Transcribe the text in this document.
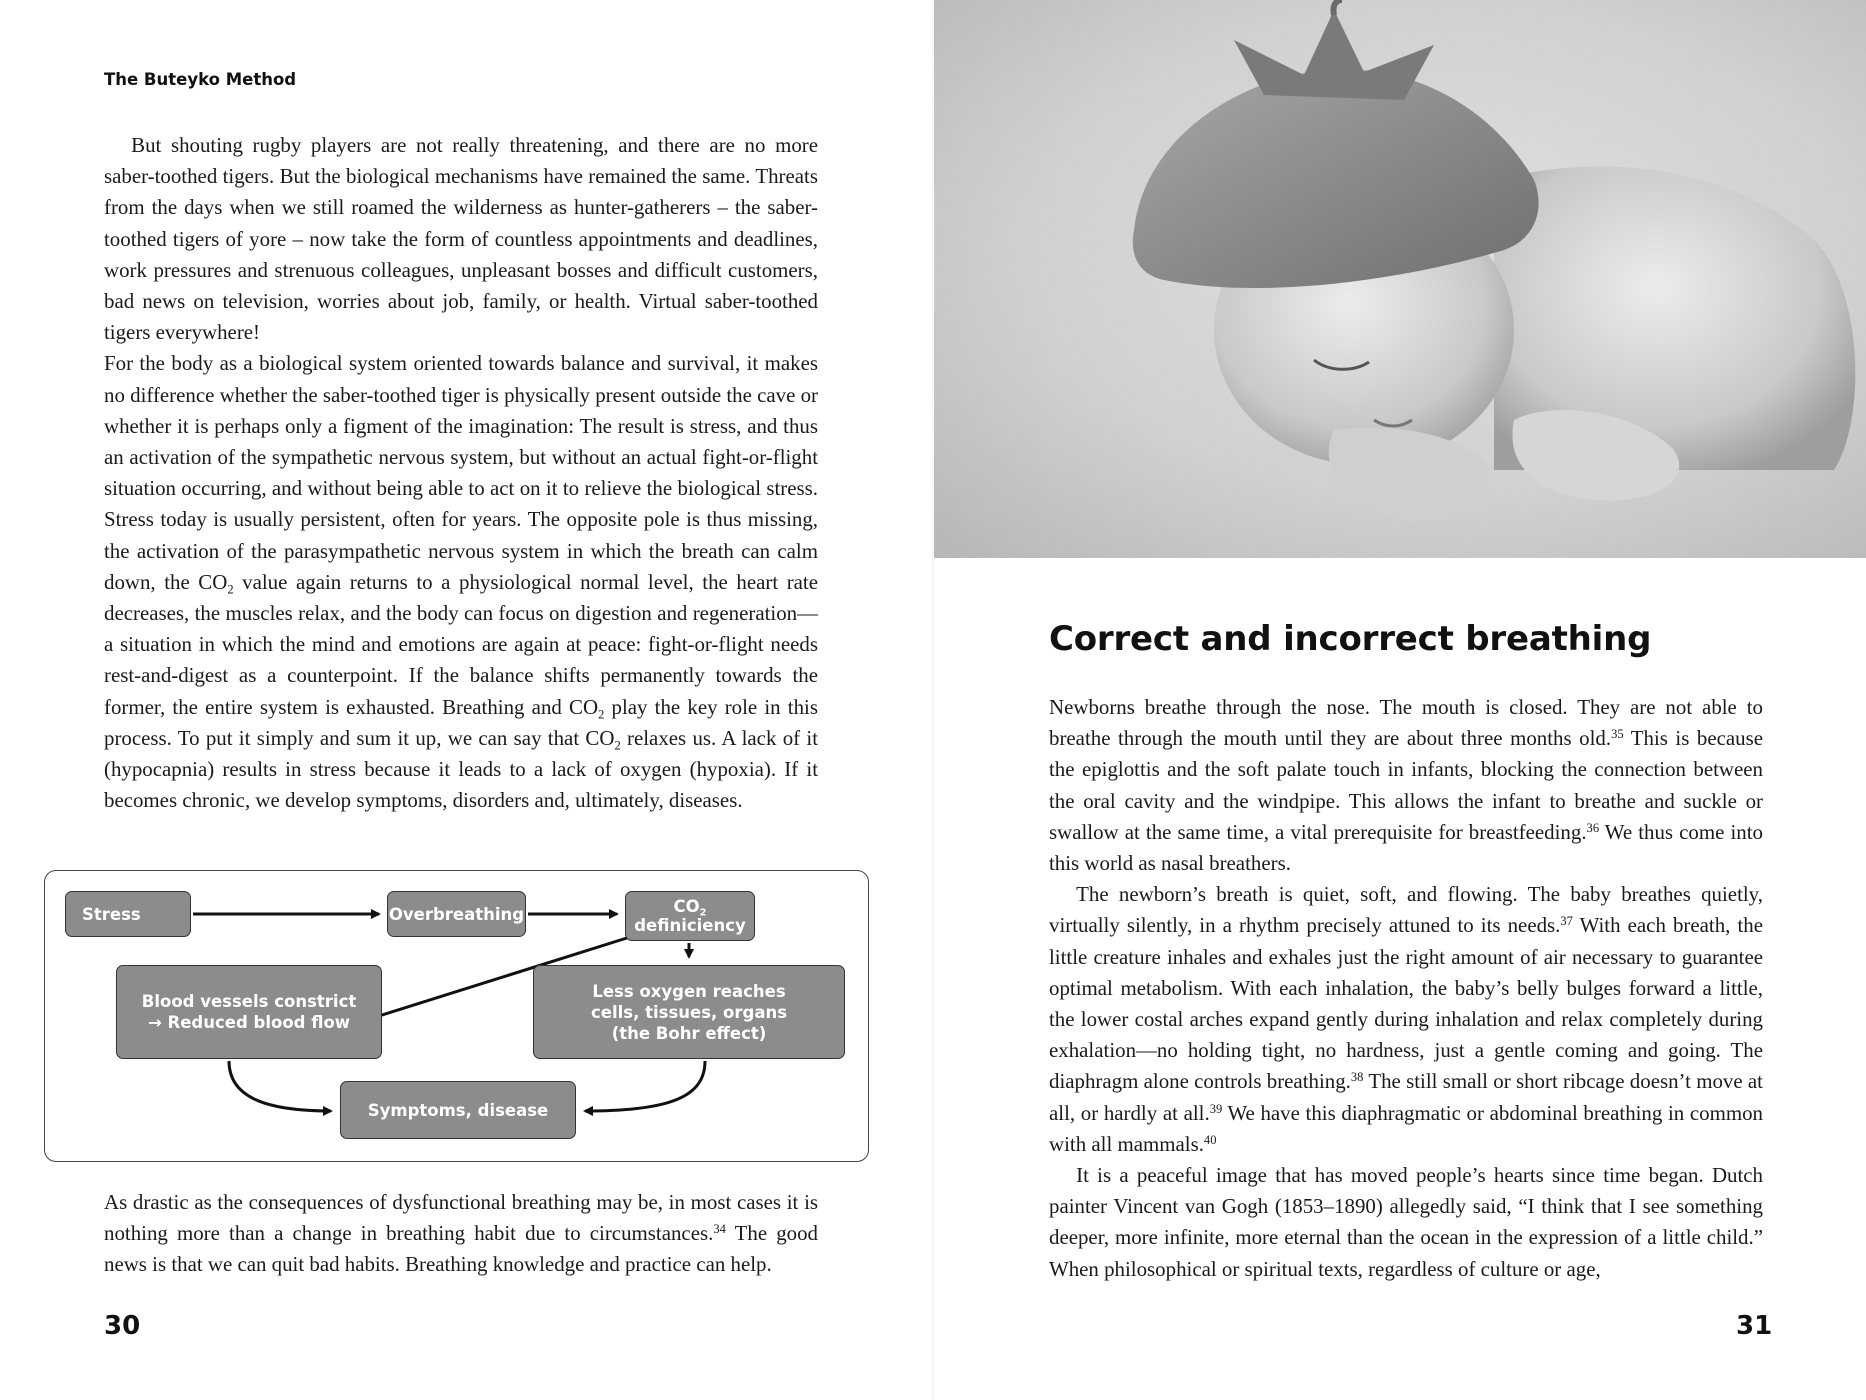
The Buteyko Method

But shouting rugby players are not really threatening, and there are no more saber-toothed tigers. But the biological mechanisms have remained the same. Threats from the days when we still roamed the wilderness as hunter-gatherers – the saber-toothed tigers of yore – now take the form of countless appointments and deadlines, work pressures and strenuous colleagues, unpleasant bosses and difficult customers, bad news on television, worries about job, family, or health. Virtual saber-toothed tigers everywhere!

For the body as a biological system oriented towards balance and survival, it makes no difference whether the saber-toothed tiger is physically present outside the cave or whether it is perhaps only a figment of the imagination: The result is stress, and thus an activation of the sympathetic nervous system, but without an actual fight-or-flight situation occurring, and without being able to act on it to relieve the biological stress. Stress today is usually persistent, often for years. The opposite pole is thus missing, the activation of the parasympathetic nervous system in which the breath can calm down, the $CO_2$ value again returns to a physiological normal level, the heart rate decreases, the muscles relax, and the body can focus on digestion and regeneration—a situation in which the mind and emotions are again at peace: fight-or-flight needs rest-and-digest as a counterpoint. If the balance shifts permanently towards the former, the entire system is exhausted. Breathing and $CO_2$ play the key role in this process. To put it simply and sum it up, we can say that $CO_2$ relaxes us. A lack of it (hypocapnia) results in stress because it leads to a lack of oxygen (hypoxia). If it becomes chronic, we develop symptoms, disorders and, ultimately, diseases.

Stress	Overbreathing	$CO_2$
definiciency
Blood vessels constrict
→ Reduced blood flow
Less oxygen reaches
cells, tissues, organs
(the Bohr effect)
Symptoms, disease

As drastic as the consequences of dysfunctional breathing may be, in most cases it is nothing more than a change in breathing habit due to circumstances.$^{34}$ The good news is that we can quit bad habits. Breathing knowledge and practice can help.

30
Correct and incorrect breathing

Newborns breathe through the nose. The mouth is closed. They are not able to breathe through the mouth until they are about three months old.$^{35}$ This is because the epiglottis and the soft palate touch in infants, blocking the connection between the oral cavity and the windpipe. This allows the infant to breathe and suckle or swallow at the same time, a vital prerequisite for breastfeeding.$^{36}$ We thus come into this world as nasal breathers.

The newborn’s breath is quiet, soft, and flowing. The baby breathes quietly, virtually silently, in a rhythm precisely attuned to its needs.$^{37}$ With each breath, the little creature inhales and exhales just the right amount of air necessary to guarantee optimal metabolism. With each inhalation, the baby’s belly bulges forward a little, the lower costal arches expand gently during inhalation and relax completely during exhalation—no holding tight, no hardness, just a gentle coming and going. The diaphragm alone controls breathing.$^{38}$ The still small or short ribcage doesn’t move at all, or hardly at all.$^{39}$ We have this diaphragmatic or abdominal breathing in common with all mammals.$^{40}$

It is a peaceful image that has moved people’s hearts since time began. Dutch painter Vincent van Gogh (1853–1890) allegedly said, “I think that I see something deeper, more infinite, more eternal than the ocean in the expression of a little child.” When philosophical or spiritual texts, regardless of culture or age,

31
